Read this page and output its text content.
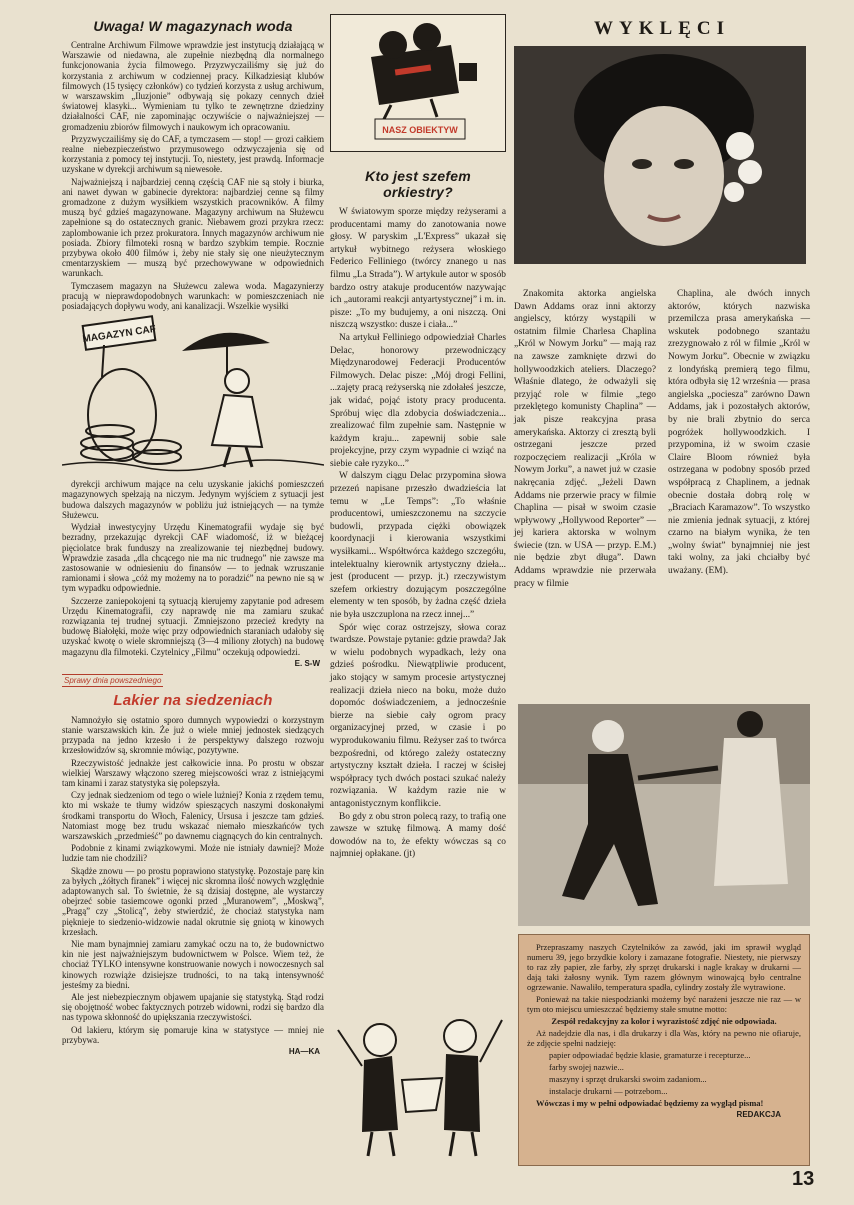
Uwaga! W magazynach woda

Centralne Archiwum Filmowe wprawdzie jest instytucją działającą w Warszawie od niedawna, ale zupełnie niezbędną dla normalnego funkcjonowania życia filmowego. Przyzwyczailiśmy się już do korzystania z archiwum w codziennej pracy. Kilkadziesiąt klubów filmowych (15 tysięcy członków) co tydzień korzysta z usług archiwum, w warszawskim „Iluzjonie” odbywają się pokazy cennych dzieł światowej klasyki... Wymieniam tu tylko te zewnętrzne dziedziny działalności CAF, nie zapominając oczywiście o najważniejszej — gromadzeniu zbiorów filmowych i naukowym ich opracowaniu.

Przyzwyczailiśmy się do CAF, a tymczasem — stop! — grozi całkiem realne niebezpieczeństwo przymusowego odzwyczajenia się od korzystania z pomocy tej instytucji. To, niestety, jest prawdą. Informacje uzyskane w dyrekcji archiwum są niewesołe.

Najważniejszą i najbardziej cenną częścią CAF nie są stoły i biurka, ani nawet dywan w gabinecie dyrektora: najbardziej cenne są filmy gromadzone z dużym wysiłkiem wszystkich pracowników. A filmy muszą być gdzieś magazynowane. Magazyny archiwum na Służewcu zapełnione są do ostatecznych granic. Niebawem grozi przykra rzecz: zaplombowanie ich przez prokuratora. Innych magazynów archiwum nie posiada. Zbiory filmoteki rosną w bardzo szybkim tempie. Rocznie przybywa około 400 filmów i, żeby nie stały się one nieużytecznym cmentarzyskiem — muszą być przechowywane w odpowiednich warunkach.

Tymczasem magazyn na Służewcu zalewa woda. Magazynierzy pracują w nieprawdopodobnych warunkach: w pomieszczeniach nie posiadających dopływu wody, ani kanalizacji. Wszelkie wysiłki

MAGAZYN CAF

dyrekcji archiwum mające na celu uzyskanie jakichś pomieszczeń magazynowych spełzają na niczym. Jedynym wyjściem z sytuacji jest budowa dalszych magazynów w pobliżu już istniejących — na tymże Służewcu.

Wydział inwestycyjny Urzędu Kinematografii wydaje się być bezradny, przekazując dyrekcji CAF wiadomość, iż w bieżącej pięciolatce brak funduszy na zrealizowanie tej niezbędnej budowy. Wprawdzie zasada „dla chcącego nie ma nic trudnego” nie zawsze ma zastosowanie w odniesieniu do finansów — to jednak wzruszanie ramionami i słowa „cóż my możemy na to poradzić” na pewno nie są w tym wypadku odpowiednie.

Szczerze zaniepokojeni tą sytuacją kierujemy zapytanie pod adresem Urzędu Kinematografii, czy naprawdę nie ma zamiaru szukać rozwiązania tej trudnej sytuacji. Zmniejszono przecież kredyty na budowę Białołęki, może więc przy odpowiednich staraniach udałoby się uzyskać kwotę o wiele skromniejszą (3—4 miliony złotych) na budowę magazynu dla filmoteki. Czytelnicy „Filmu” oczekują odpowiedzi.

E. S-W
Sprawy dnia powszedniego
Lakier na siedzeniach

Namnożyło się ostatnio sporo dumnych wypowiedzi o korzystnym stanie warszawskich kin. Że już o wiele mniej jednostek siedzących przypada na jedno krzesło i że perspektywy dalszego rozwoju krzesłowidzów są, skromnie mówiąc, pozytywne.

Rzeczywistość jednakże jest całkowicie inna. Po prostu w obszar wielkiej Warszawy włączono szereg miejscowości wraz z istniejącymi tam kinami i zaraz statystyka się polepszyła.

Czy jednak siedzeniom od tego o wiele lużniej? Konia z rzędem temu, kto mi wskaże te tłumy widzów spieszących naszymi doskonałymi środkami transportu do Włoch, Falenicy, Ursusa i jeszcze tam gdzieś. Natomiast mogę bez trudu wskazać niemało mieszkańców tych warszawskich „przedmieść” po dawnemu ciągnących do kin centralnych.

Podobnie z kinami związkowymi. Może nie istniały dawniej? Może ludzie tam nie chodzili?

Skądże znowu — po prostu poprawiono statystykę. Pozostaje parę kin za byłych „żółtych firanek” i więcej nic skromna ilość nowych względnie adaptowanych sal. To świetnie, że są dzisiaj dostępne, ale wystarczy obejrzeć sobie tasiemcowe ogonki przed „Muranowem”, „Moskwą”, „Pragą” czy „Stolicą”, żeby stwierdzić, że chociaż statystyka nam pięknieje to siedzenio-widzowie nadal okrutnie się gniotą w kinowych krzesłach.

Nie mam bynajmniej zamiaru zamykać oczu na to, że budownictwo kin nie jest najważniejszym budownictwem w Polsce. Wiem też, że chociaż TYLKO intensywne konstruowanie nowych i nowoczesnych sal kinowych rozwiąże dzisiejsze trudności, to na taką intensywność jesteśmy za biedni.

Ale jest niebezpiecznym objawem upajanie się statystyką. Stąd rodzi się obojętność wobec faktycznych potrzeb widowni, rodzi się bardzo dla nas typowa skłonność do upiększania rzeczywistości.

Od lakieru, którym się pomaruje kina w statystyce — mniej nie przybywa.

HA—KA
NASZ OBIEKTYW
Kto jest szefem orkiestry?

W światowym sporze między reżyserami a producentami mamy do zanotowania nowe głosy. W paryskim „L'Express” ukazał się artykuł wybitnego reżysera włoskiego Federico Felliniego (twórcy znanego u nas filmu „La Strada”). W artykule autor w sposób bardzo ostry atakuje producentów nazywając ich „autorami reakcji antyartystycznej” i m. in. pisze: „To my budujemy, a oni niszczą. Oni niszczą wszystko: dusze i ciała...”

Na artykuł Felliniego odpowiedział Charles Delac, honorowy przewodniczący Międzynarodowej Federacji Producentów Filmowych. Delac pisze: „Mój drogi Fellini, ...zajęty pracą reżyserską nie zdołałeś jeszcze, jak widać, pojąć istoty pracy producenta. Spróbuj więc dla zdobycia doświadczenia... zrealizować film zupełnie sam. Następnie w każdym kraju... zapewnij sobie sale projekcyjne, przy czym wypadnie ci wziąć na siebie całe ryzyko...”

W dalszym ciągu Delac przypomina słowa przezeń napisane przeszło dwadzieścia lat temu w „Le Temps”: „To właśnie producentowi, umieszczonemu na szczycie budowli, przypada ciężki obowiązek koordynacji i kierowania wszystkimi wysiłkami... Współtwórca każdego szczegółu, intelektualny kierownik artystyczny dzieła... jest (producent — przyp. jt.) rzeczywistym szefem orkiestry dozującym poszczególne elementy w ten sposób, by żadna część dzieła nie była uszczuplona na rzecz innej...”

Spór więc coraz ostrzejszy, słowa coraz twardsze. Powstaje pytanie: gdzie prawda? Jak w wielu podobnych wypadkach, leży ona gdzieś pośrodku. Niewątpliwie producent, jako stojący w samym procesie artystycznej realizacji dzieła nieco na boku, może dużo dopomóc doświadczeniem, a jednocześnie bierze na siebie cały ogrom pracy organizacyjnej przed, w czasie i po wyprodukowaniu filmu. Reżyser zaś to twórca bezpośredni, od którego zależy ostateczny artystyczny kształt dzieła. I raczej w ścisłej współpracy tych dwóch postaci szukać należy rozwiązania. W każdym razie nie w antagonistycznym konflikcie.

Bo gdy z obu stron polecą razy, to trafią one zawsze w sztukę filmową. A mamy dość dowodów na to, że efekty wówczas są co najmniej opłakane. (jt)

WYKLĘCI

Znakomita aktorka angielska Dawn Addams oraz inni aktorzy angielscy, którzy wystąpili w ostatnim filmie Charlesa Chaplina „Król w Nowym Jorku” — mają raz na zawsze zamknięte drzwi do hollywoodzkich ateliers. Dlaczego? Właśnie dlatego, że odważyli się przyjąć role w filmie „tego przeklętego komunisty Chaplina” — jak pisze reakcyjna prasa amerykańska. Aktorzy ci zresztą byli ostrzegani jeszcze przed rozpoczęciem realizacji „Króla w Nowym Jorku”, a nawet już w czasie nakręcania zdjęć. „Jeżeli Dawn Addams nie przerwie pracy w filmie Chaplina — pisał w swoim czasie wpływowy „Hollywood Reporter” — jej kariera aktorska w wolnym świecie (tzn. w USA — przyp. E.M.) nie będzie zbyt długa”. Dawn Addams wprawdzie nie przerwała pracy w filmie

Chaplina, ale dwóch innych aktorów, których nazwiska przemilcza prasa amerykańska — wskutek podobnego szantażu zrezygnowało z ról w filmie „Król w Nowym Jorku”. Obecnie w związku z londyńską premierą tego filmu, która odbyła się 12 września — prasa angielska „pociesza” zarówno Dawn Addams, jak i pozostałych aktorów, by nie brali zbytnio do serca pogróżek hollywoodzkich. I przypomina, iż w swoim czasie Claire Bloom również była ostrzegana w podobny sposób przed współpracą z Chaplinem, a jednak obecnie dostała dobrą rolę w „Braciach Karamazow”. To wszystko nie zmienia jednak sytuacji, z której czarno na białym wynika, że ten „wolny świat” bynajmniej nie jest taki wolny, za jaki chciałby być uważany. (EM).

Przepraszamy naszych Czytelników za zawód, jaki im sprawił wygląd numeru 39, jego brzydkie kolory i zamazane fotografie. Niestety, nie pierwszy to raz zły papier, złe farby, zły sprzęt drukarski i nagle krakay w drukarni — dają taki żałosny wynik. Tym razem głównym winowajcą było centralne ogrzewanie. Nawaliło, temperatura spadła, cylindry zostały źle wytrawione.

Ponieważ na takie niespodzianki możemy być narażeni jeszcze nie raz — w tym oto miejscu umieszczać będziemy stałe smutne motto:

Zespół redakcyjny za kolor i wyrazistość zdjęć nie odpowiada.

Aż nadejdzie dla nas, i dla drukarzy i dla Was, który na pewno nie ofiaruje, że zdjęcie spełni nadzieję:

papier odpowiadać będzie klasie, gramaturze i recepturze...

farby swojej nazwie...

maszyny i sprzęt drukarski swoim zadaniom...

instalacje drukarni — potrzebom...

Wówczas i my w pełni odpowiadać będziemy za wygląd pisma!

REDAKCJA
13
